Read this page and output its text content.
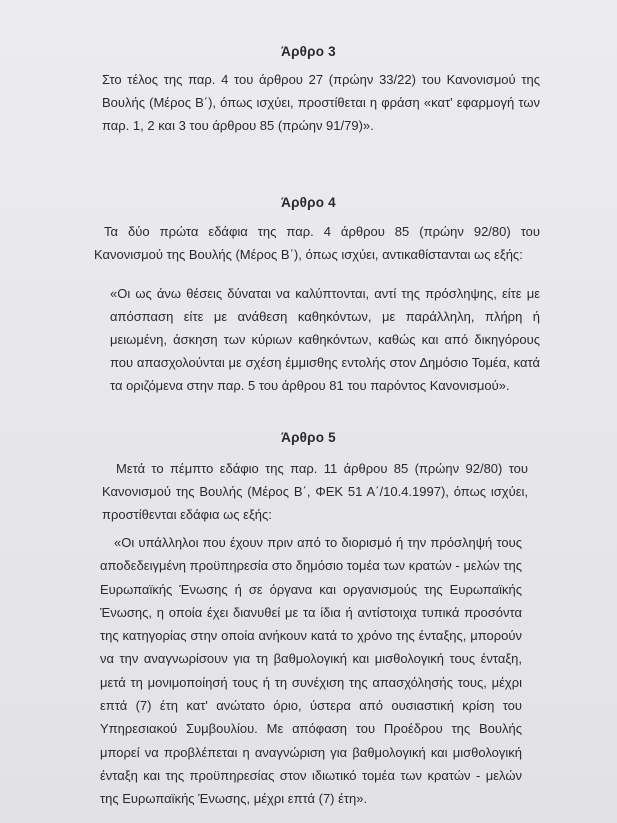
Άρθρο 3

Στο τέλος της παρ. 4 του άρθρου 27 (πρώην 33/22) του Κανονισμού της Βουλής (Μέρος Β΄), όπως ισχύει, προστίθεται η φράση «κατ' εφαρμογή των παρ. 1, 2 και 3 του άρθρου 85 (πρώην 91/79)».

Άρθρο 4

Τα δύο πρώτα εδάφια της παρ. 4 άρθρου 85 (πρώην 92/80) του Κανονισμού της Βουλής (Μέρος Β΄), όπως ισχύει, αντικαθίστανται ως εξής:

«Οι ως άνω θέσεις δύναται να καλύπτονται, αντί της πρόσληψης, είτε με απόσπαση είτε με ανάθεση καθηκόντων, με παράλληλη, πλήρη ή μειωμένη, άσκηση των κύριων καθηκόντων, καθώς και από δικηγόρους που απασχολούνται με σχέση έμμισθης εντολής στον Δημόσιο Τομέα, κατά τα οριζόμενα στην παρ. 5 του άρθρου 81 του παρόντος Κανονισμού».

Άρθρο 5

Μετά το πέμπτο εδάφιο της παρ. 11 άρθρου 85 (πρώην 92/80) του Κανονισμού της Βουλής (Μέρος Β΄, ΦΕΚ 51 Α΄/10.4.1997), όπως ισχύει, προστίθενται εδάφια ως εξής:

«Οι υπάλληλοι που έχουν πριν από το διορισμό ή την πρόσληψή τους αποδεδειγμένη προϋπηρεσία στο δημόσιο τομέα των κρατών - μελών της Ευρωπαϊκής Ένωσης ή σε όργανα και οργανισμούς της Ευρωπαϊκής Ένωσης, η οποία έχει διανυθεί με τα ίδια ή αντίστοιχα τυπικά προσόντα της κατηγορίας στην οποία ανήκουν κατά το χρόνο της ένταξης, μπορούν να την αναγνωρίσουν για τη βαθμολογική και μισθολογική τους ένταξη, μετά τη μονιμοποίησή τους ή τη συνέχιση της απασχόλησής τους, μέχρι επτά (7) έτη κατ' ανώτατο όριο, ύστερα από ουσιαστική κρίση του Υπηρεσιακού Συμβουλίου. Με απόφαση του Προέδρου της Βουλής μπορεί να προβλέπεται η αναγνώριση για βαθμολογική και μισθολογική ένταξη και της προϋπηρεσίας στον ιδιωτικό τομέα των κρατών - μελών της Ευρωπαϊκής Ένωσης, μέχρι επτά (7) έτη».
